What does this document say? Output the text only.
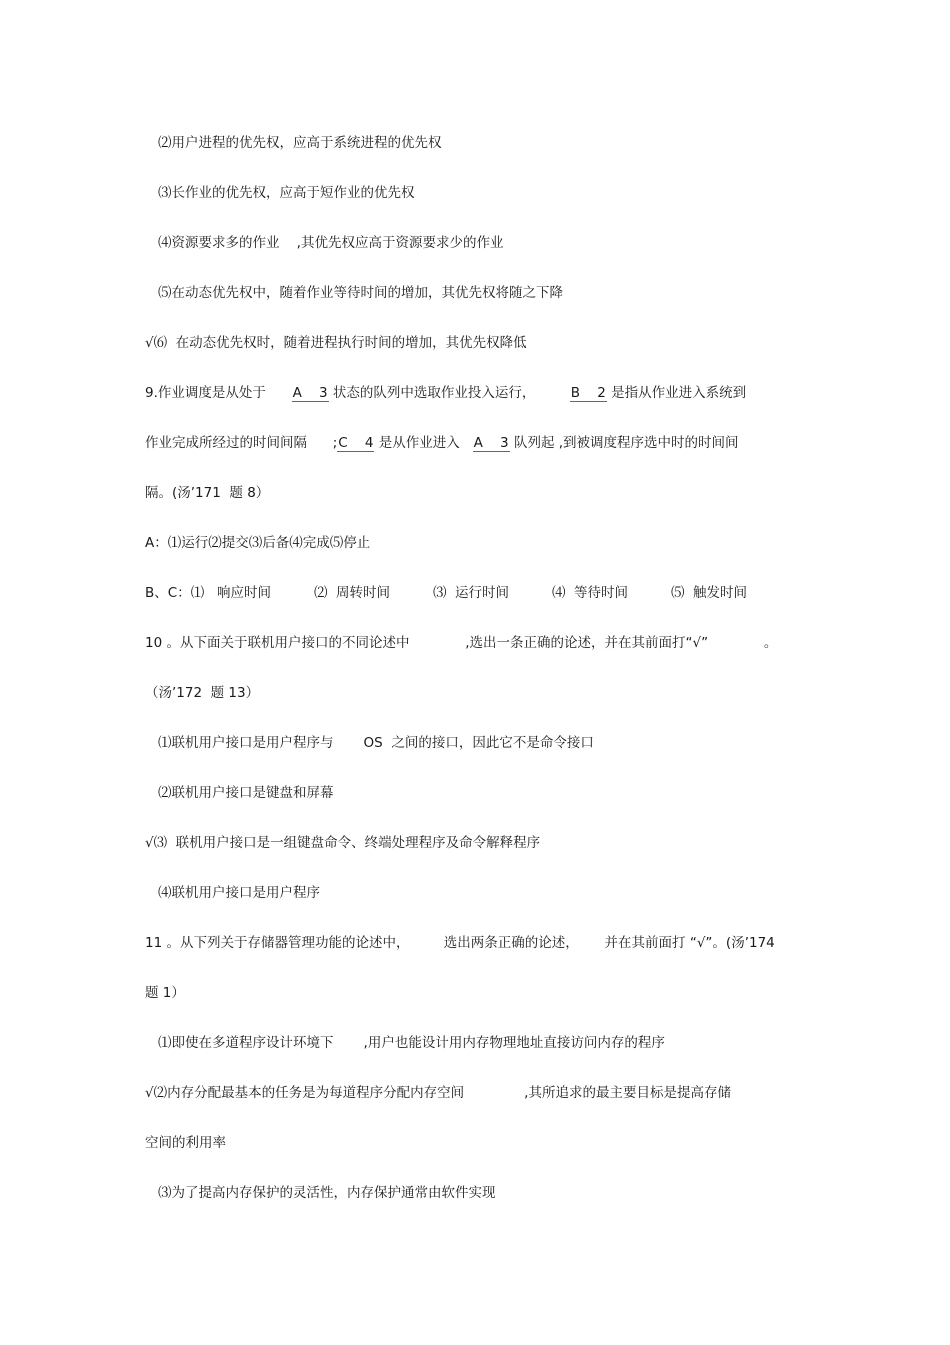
⑵用户进程的优先权，应高于系统进程的优先权
⑶长作业的优先权，应高于短作业的优先权
⑷资源要求多的作业    ,其优先权应高于资源要求少的作业
⑸在动态优先权中，随着作业等待时间的增加，其优先权将随之下降
√⑹  在动态优先权时，随着进程执行时间的增加，其优先权降低
9.作业调度是从处于 A    3 状态的队列中选取作业投入运行，	B    2 是指从作业进入系统到
作业完成所经过的时间间隔      ;C    4 是从作业进入   A    3 队列起 ,到被调度程序选中时的时间间
隔。(汤’171  题 8）
A：⑴运行⑵提交⑶后备⑷完成⑸停止
B、C：⑴   响应时间          ⑵  周转时间          ⑶  运行时间          ⑷  等待时间          ⑸  触发时间
10 。从下面关于联机用户接口的不同论述中             ,选出一条正确的论述，并在其前面打“√”             。
（汤’172  题 13）
⑴联机用户接口是用户程序与       OS  之间的接口，因此它不是命令接口
⑵联机用户接口是键盘和屏幕
√⑶  联机用户接口是一组键盘命令、终端处理程序及命令解释程序
⑷联机用户接口是用户程序
11 。从下列关于存储器管理功能的论述中，        选出两条正确的论述，      并在其前面打 “√”。(汤’174
题 1）
⑴即使在多道程序设计环境下       ,用户也能设计用内存物理地址直接访问内存的程序
√⑵内存分配最基本的任务是为每道程序分配内存空间              ,其所追求的最主要目标是提高存储
空间的利用率
⑶为了提高内存保护的灵活性，内存保护通常由软件实现
